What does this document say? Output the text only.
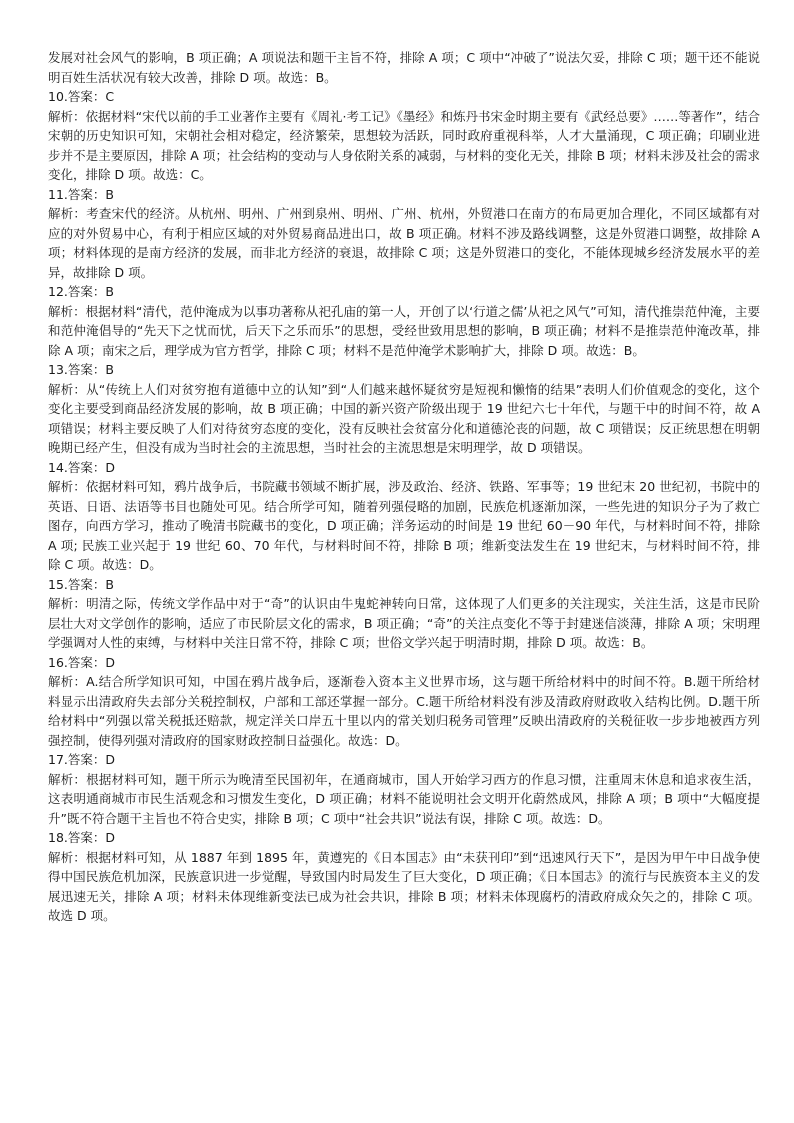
发展对社会风气的影响，B 项正确；A 项说法和题干主旨不符，排除 A 项；C 项中“冲破了”说法欠妥，排除 C 项；题干还不能说明百姓生活状况有较大改善，排除 D 项。故选：B。

10.答案：C

解析：依据材料“宋代以前的手工业著作主要有《周礼·考工记》《墨经》和炼丹书宋金时期主要有《武经总要》……等著作”，结合宋朝的历史知识可知，宋朝社会相对稳定，经济繁荣，思想较为活跃，同时政府重视科举，人才大量涌现，C 项正确；印刷业进步并不是主要原因，排除 A 项；社会结构的变动与人身依附关系的减弱，与材料的变化无关，排除 B 项；材料未涉及社会的需求变化，排除 D 项。故选：C。

11.答案：B

解析：考查宋代的经济。从杭州、明州、广州到泉州、明州、广州、杭州，外贸港口在南方的布局更加合理化，不同区域都有对应的对外贸易中心，有利于相应区域的对外贸易商品进出口，故 B 项正确。材料不涉及路线调整，这是外贸港口调整，故排除 A 项；材料体现的是南方经济的发展，而非北方经济的衰退，故排除 C 项；这是外贸港口的变化，不能体现城乡经济发展水平的差异，故排除 D 项。

12.答案：B

解析：根据材料“清代，范仲淹成为以事功著称从祀孔庙的第一人，开创了以‘行道之儒’从祀之风气”可知，清代推崇范仲淹，主要和范仲淹倡导的“先天下之忧而忧，后天下之乐而乐”的思想，受经世致用思想的影响，B 项正确；材料不是推崇范仲淹改革，排除 A 项；南宋之后，理学成为官方哲学，排除 C 项；材料不是范仲淹学术影响扩大，排除 D 项。故选：B。

13.答案：B

解析：从“传统上人们对贫穷抱有道德中立的认知”到“人们越来越怀疑贫穷是短视和懒惰的结果”表明人们价值观念的变化，这个变化主要受到商品经济发展的影响，故 B 项正确；中国的新兴资产阶级出现于 19 世纪六七十年代，与题干中的时间不符，故 A 项错误；材料主要反映了人们对待贫穷态度的变化，没有反映社会贫富分化和道德沦丧的问题，故 C 项错误；反正统思想在明朝晚期已经产生，但没有成为当时社会的主流思想，当时社会的主流思想是宋明理学，故 D 项错误。

14.答案：D

解析：依据材料可知，鸦片战争后，书院藏书领域不断扩展，涉及政治、经济、铁路、军事等；19 世纪末 20 世纪初，书院中的英语、日语、法语等书目也随处可见。结合所学可知，随着列强侵略的加剧，民族危机逐渐加深，一些先进的知识分子为了救亡图存，向西方学习，推动了晚清书院藏书的变化，D 项正确；洋务运动的时间是 19 世纪 60－90 年代，与材料时间不符，排除 A 项; 民族工业兴起于 19 世纪 60、70 年代，与材料时间不符，排除 B 项；维新变法发生在 19 世纪末，与材料时间不符，排除 C 项。故选：D。

15.答案：B

解析：明清之际，传统文学作品中对于“奇”的认识由牛鬼蛇神转向日常，这体现了人们更多的关注现实，关注生活，这是市民阶层壮大对文学创作的影响，适应了市民阶层文化的需求，B 项正确；“奇”的关注点变化不等于封建迷信淡薄，排除 A 项；宋明理学强调对人性的束缚，与材料中关注日常不符，排除 C 项；世俗文学兴起于明清时期，排除 D 项。故选：B。

16.答案：D

解析：A.结合所学知识可知，中国在鸦片战争后，逐渐卷入资本主义世界市场，这与题干所给材料中的时间不符。B.题干所给材料显示出清政府失去部分关税控制权，户部和工部还掌握一部分。C.题干所给材料没有涉及清政府财政收入结构比例。D.题干所给材料中“列强以常关税抵还赔款，规定洋关口岸五十里以内的常关划归税务司管理”反映出清政府的关税征收一步步地被西方列强控制，使得列强对清政府的国家财政控制日益强化。故选：D。

17.答案：D

解析：根据材料可知，题干所示为晚清至民国初年，在通商城市，国人开始学习西方的作息习惯，注重周末休息和追求夜生活，这表明通商城市市民生活观念和习惯发生变化，D 项正确；材料不能说明社会文明开化蔚然成风，排除 A 项；B 项中“大幅度提升”既不符合题干主旨也不符合史实，排除 B 项；C 项中“社会共识”说法有误，排除 C 项。故选：D。

18.答案：D

解析：根据材料可知，从 1887 年到 1895 年，黄遵宪的《日本国志》由“未获刊印”到“迅速风行天下”，是因为甲午中日战争使得中国民族危机加深，民族意识进一步觉醒，导致国内时局发生了巨大变化，D 项正确；《日本国志》的流行与民族资本主义的发展迅速无关，排除 A 项；材料未体现维新变法已成为社会共识，排除 B 项；材料未体现腐朽的清政府成众矢之的，排除 C 项。故选 D 项。
